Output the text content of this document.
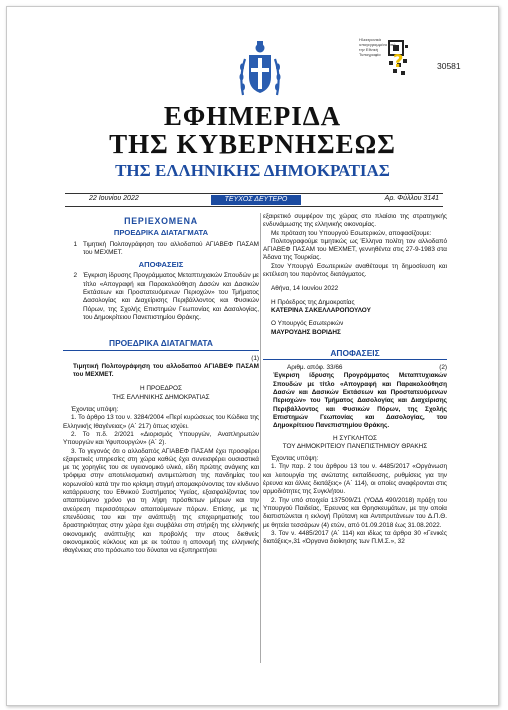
?
Ηλεκτρονικά υπογεγραμμένο από την Εθνική Τυπογραφία
30581
ΕΦΗΜΕΡΙΔΑ
ΤΗΣ ΚΥΒΕΡΝΗΣΕΩΣ
ΤΗΣ ΕΛΛΗΝΙΚΗΣ ΔΗΜΟΚΡΑΤΙΑΣ
22 Ιουνίου 2022	ΤΕΥΧΟΣ ΔΕΥΤΕΡΟ	Αρ. Φύλλου 3141
ΠΕΡΙΕΧΟΜΕΝΑ
ΠΡΟΕΔΡΙΚΑ ΔΙΑΤΑΓΜΑΤΑ
1 Τιμητική Πολιτογράφηση του αλλοδαπού ΑΓΙΑΒΕΦ ΠΑΣΑΜ του ΜΕΧΜΕΤ.
ΑΠΟΦΑΣΕΙΣ
2 Έγκριση ίδρυσης Προγράμματος Μεταπτυχιακών Σπουδών με τίτλο «Απογραφή και Παρακολούθηση Δασών και Δασικών Εκτάσεων και Προστατευόμενων Περιοχών» του Τμήματος Δασολογίας και Διαχείρισης Περιβάλλοντος και Φυσικών Πόρων, της Σχολής Επιστημών Γεωπονίας και Δασολογίας, του Δημοκρίτειου Πανεπιστημίου Θράκης.
ΠΡΟΕΔΡΙΚΑ ΔΙΑΤΑΓΜΑΤΑ
(1)

Τιμητική Πολιτογράφηση του αλλοδαπού ΑΓΙΑΒΕΦ ΠΑΣΑΜ του ΜΕΧΜΕΤ.

Η ΠΡΟΕΔΡΟΣ
ΤΗΣ ΕΛΛΗΝΙΚΗΣ ΔΗΜΟΚΡΑΤΙΑΣ

Έχοντας υπόψη:

1. Το άρθρο 13 του ν. 3284/2004 «Περί κυρώσεως του Κώδικα της Ελληνικής Ιθαγένειας» (Α΄ 217) όπως ισχύει.

2. Το π.δ. 2/2021 «Διορισμός Υπουργών, Αναπληρωτών Υπουργών και Υφυπουργών» (Α΄ 2).

3. Το γεγονός ότι ο αλλοδαπός ΑΓΙΑΒΕΦ ΠΑΣΑΜ έχει προσφέρει εξαιρετικές υπηρεσίες στη χώρα καθώς έχει συνεισφέρει ουσιαστικά με τις χορηγίες του σε υγειονομικό υλικό, είδη πρώτης ανάγκης και τρόφιμα στην αποτελεσματική αντιμετώπιση της πανδημίας του κορωνοϊού κατά την πιο κρίσιμη στιγμή απομακρύνοντας τον κίνδυνο κατάρρευσης του Εθνικού Συστήματος Υγείας, εξασφαλίζοντας τον απαιτούμενο χρόνο για τη λήψη πρόσθετων μέτρων και την ανεύρεση περισσότερων απαιτούμενων πόρων. Επίσης, με τις επενδύσεις του και την ανάπτυξη της επιχειρηματικής του δραστηριότητας στην χώρα έχει συμβάλει στη στήριξη της ελληνικής οικονομικής ανάπτυξης και προβολής την στους διεθνείς οικονομικούς κύκλους και με εκ τούτου η απονομή της ελληνικής ιθαγένειας στο πρόσωπο του δύναται να εξυπηρετήσει

εξαιρετικό συμφέρον της χώρας στο πλαίσιο της στρατηγικής ενδυνάμωσης της ελληνικής οικονομίας.

Με πρόταση του Υπουργού Εσωτερικών, αποφασίζουμε:

Πολιτογραφούμε τιμητικώς ως Έλληνα πολίτη τον αλλοδαπό ΑΓΙΑΒΕΦ ΠΑΣΑΜ του ΜΕΧΜΕΤ, γεννηθέντα στις 27-9-1983 στα Άδανα της Τουρκίας.

Στον Υπουργό Εσωτερικών αναθέτουμε τη δημοσίευση και εκτέλεση του παρόντος διατάγματος.

Αθήνα, 14 Ιουνίου 2022

Η Πρόεδρος της Δημοκρατίας

ΚΑΤΕΡΙΝΑ ΣΑΚΕΛΛΑΡΟΠΟΥΛΟΥ

Ο Υπουργός Εσωτερικών

ΜΑΥΡΟΥΔΗΣ ΒΟΡΙΔΗΣ

ΑΠΟΦΑΣΕΙΣ
Αριθμ. απόφ. 33/66	(2)

Έγκριση ίδρυσης Προγράμματος Μεταπτυχιακών Σπουδών με τίτλο «Απογραφή και Παρακολούθηση Δασών και Δασικών Εκτάσεων και Προστατευόμενων Περιοχών» του Τμήματος Δασολογίας και Διαχείρισης Περιβάλλοντος και Φυσικών Πόρων, της Σχολής Επιστημών Γεωπονίας και Δασολογίας, του Δημοκρίτειου Πανεπιστημίου Θράκης.

Η ΣΥΓΚΛΗΤΟΣ
ΤΟΥ ΔΗΜΟΚΡΙΤΕΙΟΥ ΠΑΝΕΠΙΣΤΗΜΙΟΥ ΘΡΑΚΗΣ

Έχοντας υπόψη:

1. Την παρ. 2 του άρθρου 13 του ν. 4485/2017 «Οργάνωση και λειτουργία της ανώτατης εκπαίδευσης, ρυθμίσεις για την έρευνα και άλλες διατάξεις» (Α΄ 114), οι οποίες αναφέρονται στις αρμοδιότητες της Συγκλήτου.

2. Την υπό στοιχεία 137509/Ζ1 (ΥΟΔΔ 490/2018) πράξη του Υπουργού Παιδείας, Έρευνας και Θρησκευμάτων, με την οποία διαπιστώνεται η εκλογή Πρύτανη και Αντιπρυτάνεων του Δ.Π.Θ. με θητεία τεσσάρων (4) ετών, από 01.09.2018 έως 31.08.2022.

3. Τον ν. 4485/2017 (Α΄ 114) και ιδίως τα άρθρα 30 «Γενικές διατάξεις»,31 «Όργανα διοίκησης των Π.Μ.Σ.», 32
